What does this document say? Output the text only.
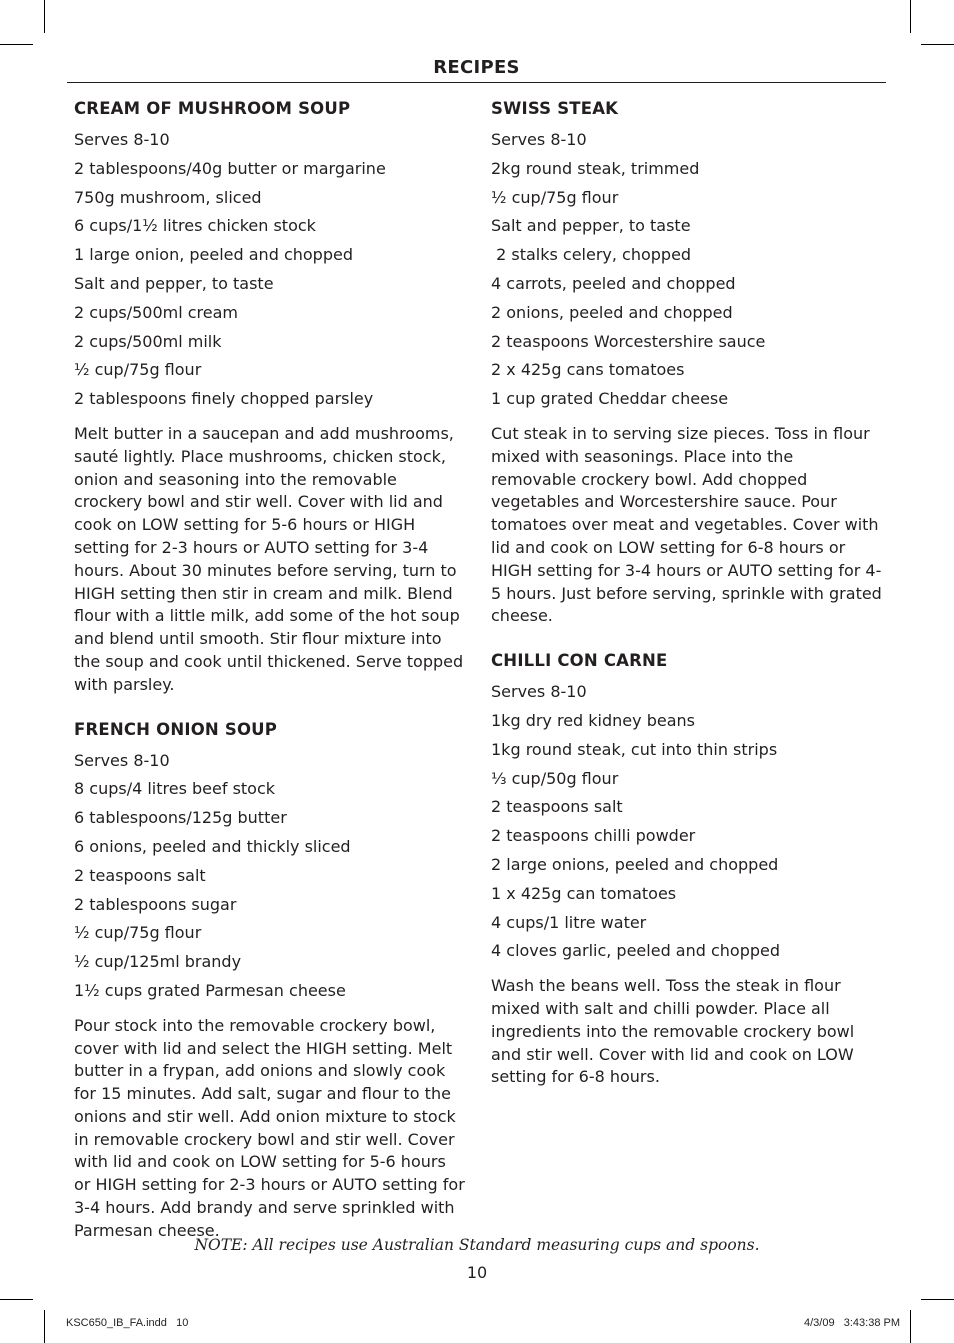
RECIPES
CREAM OF MUSHROOM SOUP
Serves 8-10
2 tablespoons/40g butter or margarine
750g mushroom, sliced
6 cups/1½ litres chicken stock
1 large onion, peeled and chopped
Salt and pepper, to taste
2 cups/500ml cream
2 cups/500ml milk
½ cup/75g flour
2 tablespoons finely chopped parsley

Melt butter in a saucepan and add mushrooms, sauté lightly. Place mushrooms, chicken stock, onion and seasoning into the removable crockery bowl and stir well. Cover with lid and cook on LOW setting for 5-6 hours or HIGH setting for 2-3 hours or AUTO setting for 3-4 hours. About 30 minutes before serving, turn to HIGH setting then stir in cream and milk. Blend flour with a little milk, add some of the hot soup and blend until smooth. Stir flour mixture into the soup and cook until thickened. Serve topped with parsley.

FRENCH ONION SOUP
Serves 8-10
8 cups/4 litres beef stock
6 tablespoons/125g butter
6 onions, peeled and thickly sliced
2 teaspoons salt
2 tablespoons sugar
½ cup/75g flour
½ cup/125ml brandy
1½ cups grated Parmesan cheese

Pour stock into the removable crockery bowl, cover with lid and select the HIGH setting. Melt butter in a frypan, add onions and slowly cook for 15 minutes. Add salt, sugar and flour to the onions and stir well. Add onion mixture to stock in removable crockery bowl and stir well. Cover with lid and cook on LOW setting for 5-6 hours or HIGH setting for 2-3 hours or AUTO setting for 3-4 hours. Add brandy and serve sprinkled with Parmesan cheese.

SWISS STEAK
Serves 8-10
2kg round steak, trimmed
½ cup/75g flour
Salt and pepper, to taste
2 stalks celery, chopped
4 carrots, peeled and chopped
2 onions, peeled and chopped
2 teaspoons Worcestershire sauce
2 x 425g cans tomatoes
1 cup grated Cheddar cheese

Cut steak in to serving size pieces. Toss in flour mixed with seasonings. Place into the removable crockery bowl. Add chopped vegetables and Worcestershire sauce. Pour tomatoes over meat and vegetables. Cover with lid and cook on LOW setting for 6-8 hours or HIGH setting for 3-4 hours or AUTO setting for 4-5 hours. Just before serving, sprinkle with grated cheese.

CHILLI CON CARNE
Serves 8-10
1kg dry red kidney beans
1kg round steak, cut into thin strips
⅓ cup/50g flour
2 teaspoons salt
2 teaspoons chilli powder
2 large onions, peeled and chopped
1 x 425g can tomatoes
4 cups/1 litre water
4 cloves garlic, peeled and chopped

Wash the beans well. Toss the steak in flour mixed with salt and chilli powder. Place all ingredients into the removable crockery bowl and stir well. Cover with lid and cook on LOW setting for 6-8 hours.

NOTE: All recipes use Australian Standard measuring cups and spoons.
10
KSC650_IB_FA.indd   10	4/3/09   3:43:38 PM
